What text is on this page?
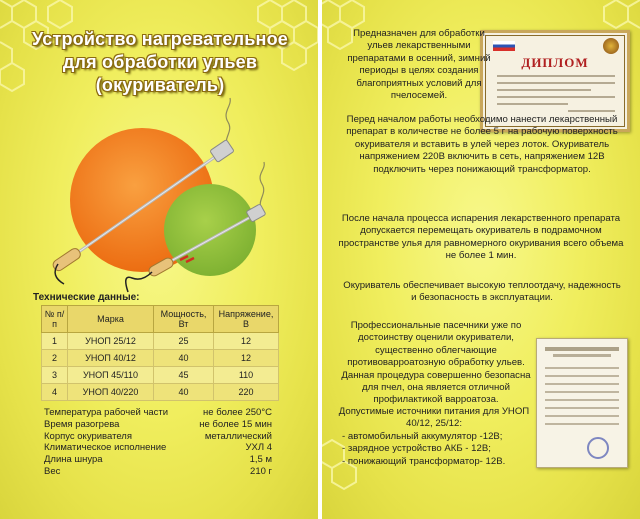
Устройство нагревательное
для обработки ульев
(окуриватель)
Технические данные:
№ п/п	Марка	Мощность, Вт	Напряжение, В
1	УНОП 25/12	25	12
2	УНОП 40/12	40	12
3	УНОП 45/110	45	110
4	УНОП 40/220	40	220
Температура рабочей части	не более 250°С
Время разогрева	не более 15 мин
Корпус окуривателя	металлический
Климатическое исполнение	УХЛ 4
Длина шнура	1,5 м
Вес	210 г
ДИПЛОМ
Предназначен для обработки ульев лекарственными препаратами в осенний, зимний периоды в целях создания благоприятных условий для пчелосемей.
Перед началом работы необходимо нанести лекарственный препарат в количестве не более 5 г на рабочую поверхность окуривателя и вставить в улей через лоток. Окуриватель напряжением 220В включить в сеть, напряжением 12В подключить через понижающий трансформатор.
После начала процесса испарения лекарственного препарата допускается перемещать окуриватель в подрамочном пространстве улья для равномерного окуривания всего объема не более 1 мин.
Окуриватель обеспечивает высокую теплоотдачу, надежность и безопасность в эксплуатации.
Профессиональные пасечники уже по достоинству оценили окуриватели, существенно облегчающие противоварроатозную обработку ульев. Данная процедура совершенно безопасна для пчел, она является отличной профилактикой варроатоза.
Допустимые источники питания для УНОП 40/12, 25/12:
- автомобильный аккумулятор -12В;
- зарядное устройство АКБ - 12В;
- понижающий трансформатор- 12В.
